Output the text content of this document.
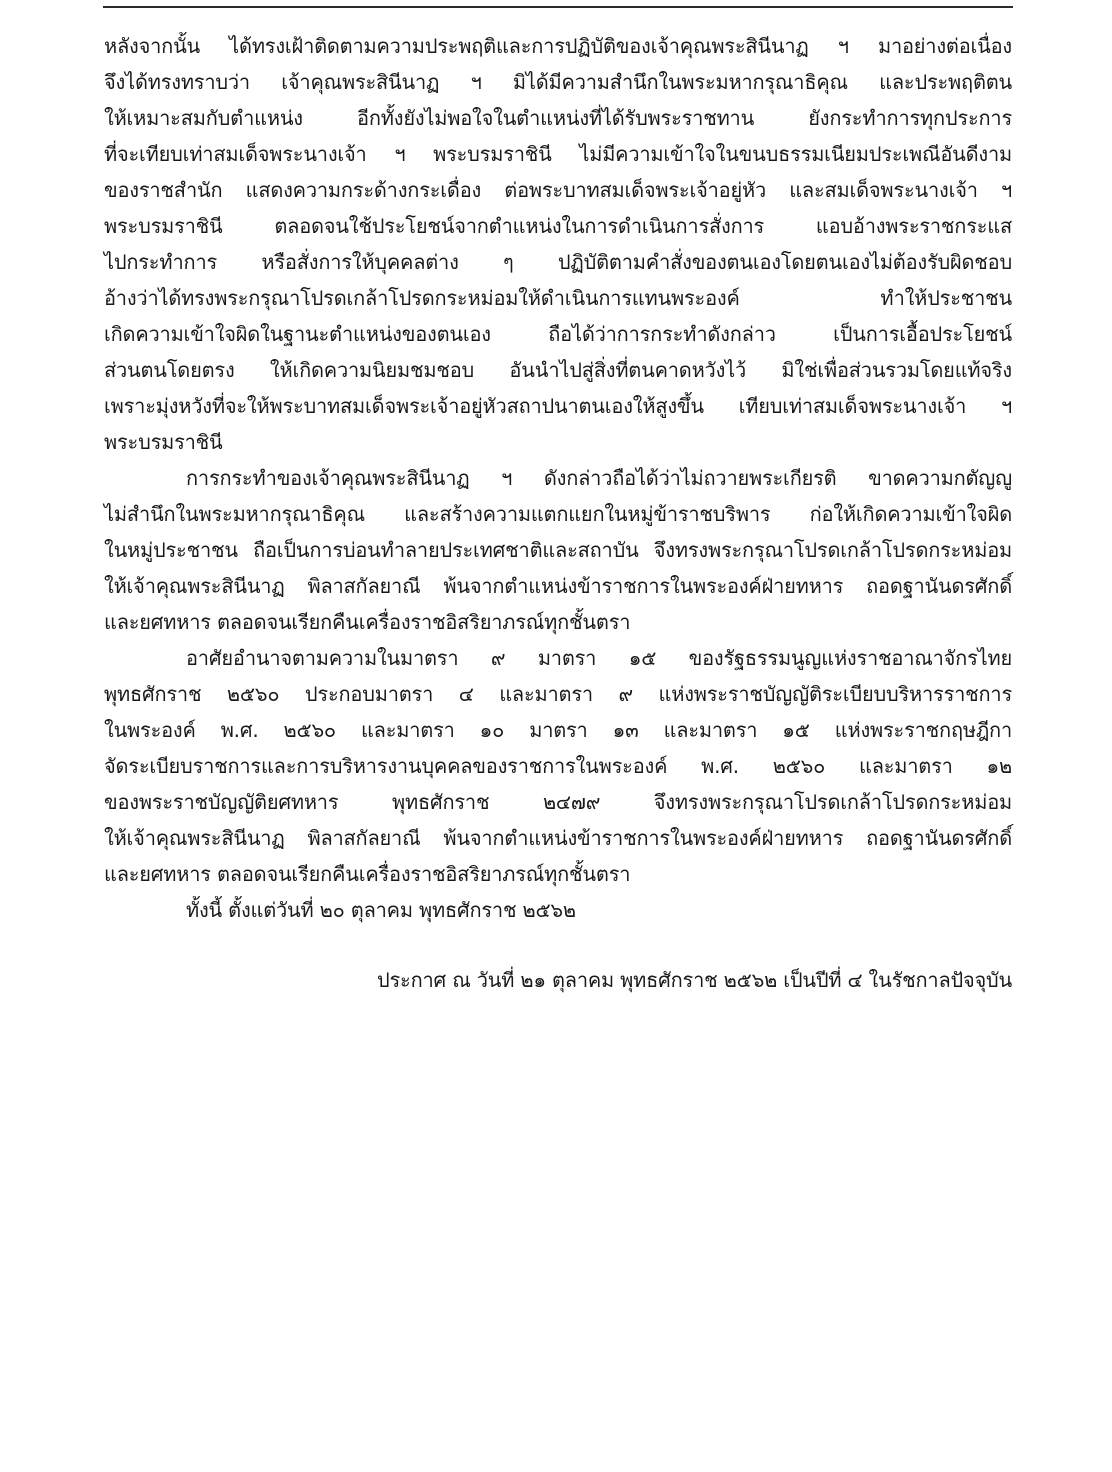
หลังจากนั้น ได้ทรงเฝ้าติดตามความประพฤติและการปฏิบัติของเจ้าคุณพระสินีนาฏ ฯ มาอย่างต่อเนื่อง
จึงได้ทรงทราบว่า เจ้าคุณพระสินีนาฏ ฯ มิได้มีความสำนึกในพระมหากรุณาธิคุณ และประพฤติตน
ให้เหมาะสมกับตำแหน่ง อีกทั้งยังไม่พอใจในตำแหน่งที่ได้รับพระราชทาน ยังกระทำการทุกประการ
ที่จะเทียบเท่าสมเด็จพระนางเจ้า ฯ พระบรมราชินี ไม่มีความเข้าใจในขนบธรรมเนียมประเพณีอันดีงาม
ของราชสำนัก แสดงความกระด้างกระเดื่อง ต่อพระบาทสมเด็จพระเจ้าอยู่หัว และสมเด็จพระนางเจ้า ฯ
พระบรมราชินี ตลอดจนใช้ประโยชน์จากตำแหน่งในการดำเนินการสั่งการ แอบอ้างพระราชกระแส
ไปกระทำการ หรือสั่งการให้บุคคลต่าง ๆ ปฏิบัติตามคำสั่งของตนเองโดยตนเองไม่ต้องรับผิดชอบ
อ้างว่าได้ทรงพระกรุณาโปรดเกล้าโปรดกระหม่อมให้ดำเนินการแทนพระองค์ ทำให้ประชาชน
เกิดความเข้าใจผิดในฐานะตำแหน่งของตนเอง ถือได้ว่าการกระทำดังกล่าว เป็นการเอื้อประโยชน์
ส่วนตนโดยตรง ให้เกิดความนิยมชมชอบ อันนำไปสู่สิ่งที่ตนคาดหวังไว้ มิใช่เพื่อส่วนรวมโดยแท้จริง
เพราะมุ่งหวังที่จะให้พระบาทสมเด็จพระเจ้าอยู่หัวสถาปนาตนเองให้สูงขึ้น เทียบเท่าสมเด็จพระนางเจ้า ฯ
พระบรมราชินี
การกระทำของเจ้าคุณพระสินีนาฏ ฯ ดังกล่าวถือได้ว่าไม่ถวายพระเกียรติ ขาดความกตัญญู
ไม่สำนึกในพระมหากรุณาธิคุณ และสร้างความแตกแยกในหมู่ข้าราชบริพาร ก่อให้เกิดความเข้าใจผิด
ในหมู่ประชาชน ถือเป็นการบ่อนทำลายประเทศชาติและสถาบัน จึงทรงพระกรุณาโปรดเกล้าโปรดกระหม่อม
ให้เจ้าคุณพระสินีนาฏ พิลาสกัลยาณี พ้นจากตำแหน่งข้าราชการในพระองค์ฝ่ายทหาร ถอดฐานันดรศักดิ์
และยศทหาร ตลอดจนเรียกคืนเครื่องราชอิสริยาภรณ์ทุกชั้นตรา
อาศัยอำนาจตามความในมาตรา ๙ มาตรา ๑๕ ของรัฐธรรมนูญแห่งราชอาณาจักรไทย
พุทธศักราช ๒๕๖๐ ประกอบมาตรา ๔ และมาตรา ๙ แห่งพระราชบัญญัติระเบียบบริหารราชการ
ในพระองค์ พ.ศ. ๒๕๖๐ และมาตรา ๑๐ มาตรา ๑๓ และมาตรา ๑๕ แห่งพระราชกฤษฎีกา
จัดระเบียบราชการและการบริหารงานบุคคลของราชการในพระองค์ พ.ศ. ๒๕๖๐ และมาตรา ๑๒
ของพระราชบัญญัติยศทหาร พุทธศักราช ๒๔๗๙ จึงทรงพระกรุณาโปรดเกล้าโปรดกระหม่อม
ให้เจ้าคุณพระสินีนาฏ พิลาสกัลยาณี พ้นจากตำแหน่งข้าราชการในพระองค์ฝ่ายทหาร ถอดฐานันดรศักดิ์
และยศทหาร ตลอดจนเรียกคืนเครื่องราชอิสริยาภรณ์ทุกชั้นตรา
ทั้งนี้ ตั้งแต่วันที่ ๒๐ ตุลาคม พุทธศักราช ๒๕๖๒
ประกาศ ณ วันที่ ๒๑ ตุลาคม พุทธศักราช ๒๕๖๒ เป็นปีที่ ๔ ในรัชกาลปัจจุบัน
